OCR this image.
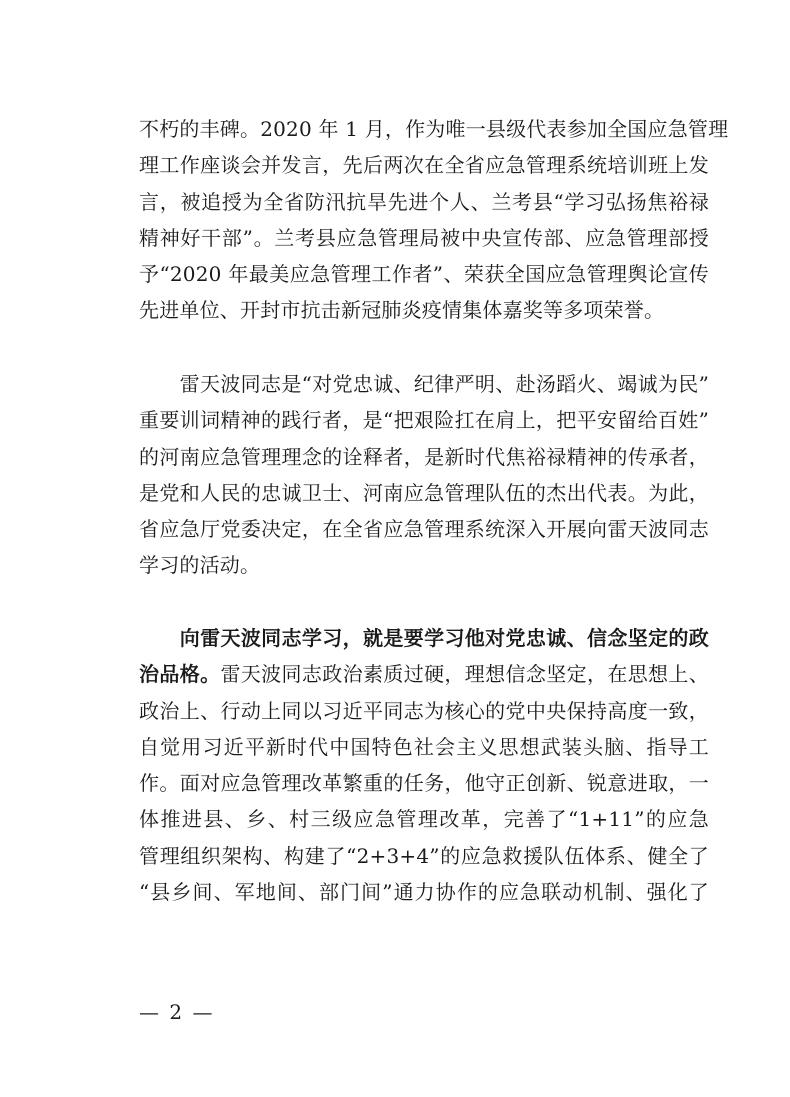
不朽的丰碑。2020 年 1 月，作为唯一县级代表参加全国应急管理
理工作座谈会并发言，先后两次在全省应急管理系统培训班上发
言，被追授为全省防汛抗旱先进个人、兰考县“学习弘扬焦裕禄
精神好干部”。兰考县应急管理局被中央宣传部、应急管理部授
予“2020 年最美应急管理工作者”、荣获全国应急管理舆论宣传
先进单位、开封市抗击新冠肺炎疫情集体嘉奖等多项荣誉。
　　雷天波同志是“对党忠诚、纪律严明、赴汤蹈火、竭诚为民”
重要训词精神的践行者，是“把艰险扛在肩上，把平安留给百姓”
的河南应急管理理念的诠释者，是新时代焦裕禄精神的传承者，
是党和人民的忠诚卫士、河南应急管理队伍的杰出代表。为此，
省应急厅党委决定，在全省应急管理系统深入开展向雷天波同志
学习的活动。
　　向雷天波同志学习，就是要学习他对党忠诚、信念坚定的政
治品格。雷天波同志政治素质过硬，理想信念坚定，在思想上、
政治上、行动上同以习近平同志为核心的党中央保持高度一致，
自觉用习近平新时代中国特色社会主义思想武装头脑、指导工
作。面对应急管理改革繁重的任务，他守正创新、锐意进取，一
体推进县、乡、村三级应急管理改革，完善了“1+11”的应急
管理组织架构、构建了“2+3+4”的应急救援队伍体系、健全了
“县乡间、军地间、部门间”通力协作的应急联动机制、强化了
— 2 —
